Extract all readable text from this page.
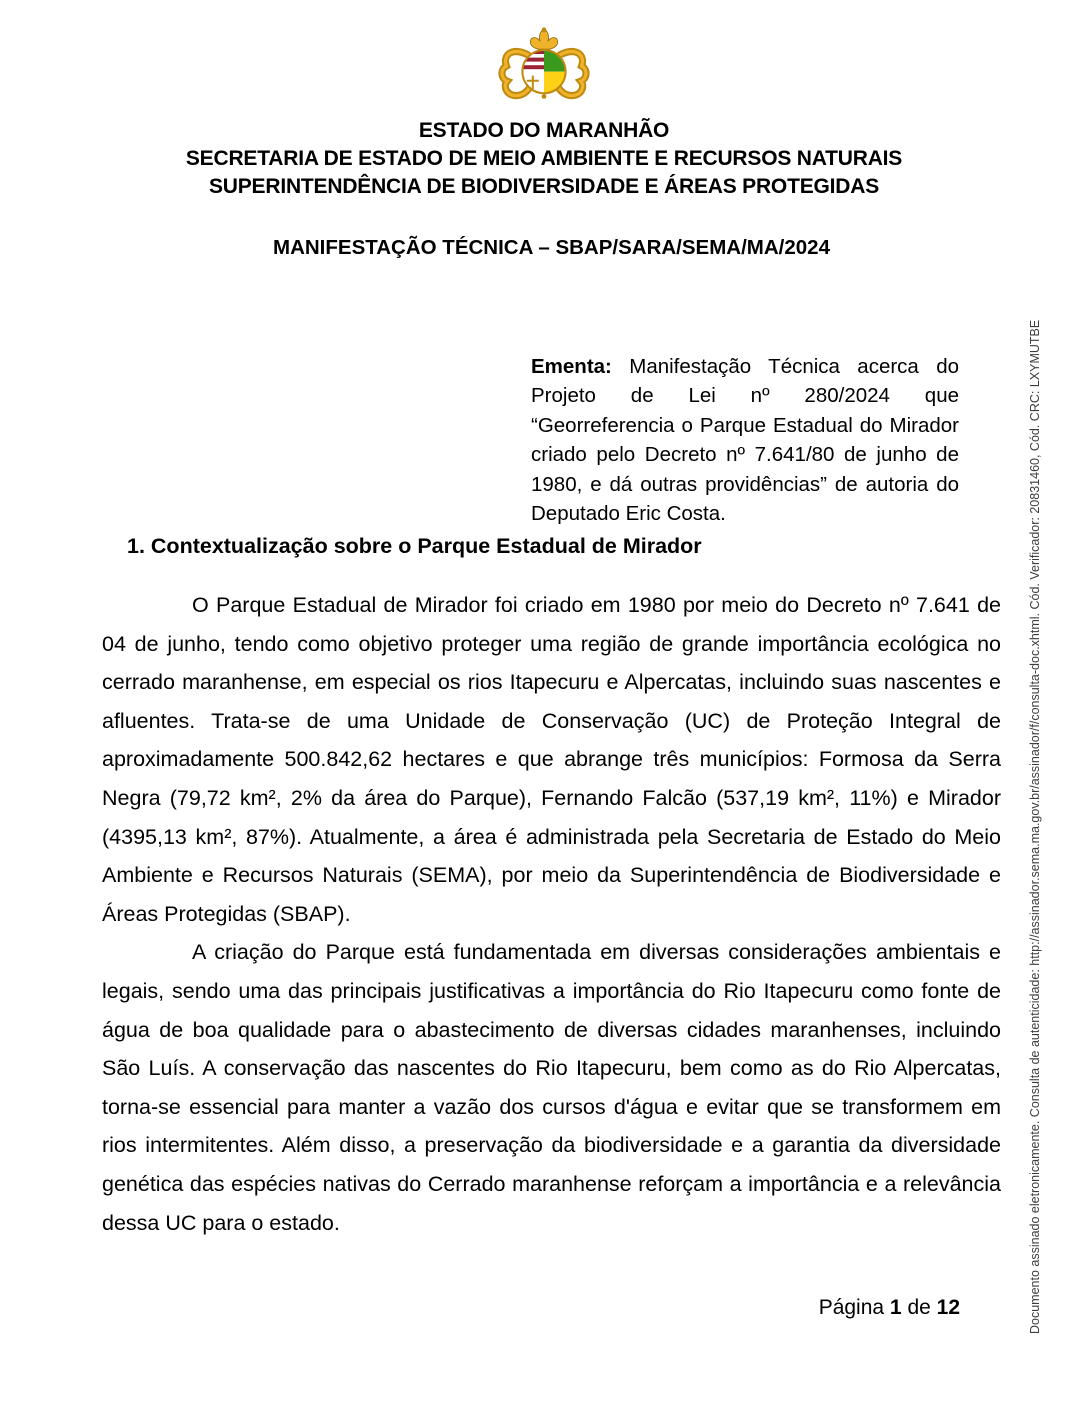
ESTADO DO MARANHÃO
SECRETARIA DE ESTADO DE MEIO AMBIENTE E RECURSOS NATURAIS
SUPERINTENDÊNCIA DE BIODIVERSIDADE E ÁREAS PROTEGIDAS
MANIFESTAÇÃO TÉCNICA – SBAP/SARA/SEMA/MA/2024

Ementa: Manifestação Técnica acerca do Projeto de Lei nº 280/2024 que “Georreferencia o Parque Estadual do Mirador criado pelo Decreto nº 7.641/80 de junho de 1980, e dá outras providências” de autoria do Deputado Eric Costa.

1. Contextualização sobre o Parque Estadual de Mirador

O Parque Estadual de Mirador foi criado em 1980 por meio do Decreto nº 7.641 de 04 de junho, tendo como objetivo proteger uma região de grande importância ecológica no cerrado maranhense, em especial os rios Itapecuru e Alpercatas, incluindo suas nascentes e afluentes. Trata-se de uma Unidade de Conservação (UC) de Proteção Integral de aproximadamente 500.842,62 hectares e que abrange três municípios: Formosa da Serra Negra (79,72 km², 2% da área do Parque), Fernando Falcão (537,19 km², 11%) e Mirador (4395,13 km², 87%). Atualmente, a área é administrada pela Secretaria de Estado do Meio Ambiente e Recursos Naturais (SEMA), por meio da Superintendência de Biodiversidade e Áreas Protegidas (SBAP).

A criação do Parque está fundamentada em diversas considerações ambientais e legais, sendo uma das principais justificativas a importância do Rio Itapecuru como fonte de água de boa qualidade para o abastecimento de diversas cidades maranhenses, incluindo São Luís. A conservação das nascentes do Rio Itapecuru, bem como as do Rio Alpercatas, torna-se essencial para manter a vazão dos cursos d'água e evitar que se transformem em rios intermitentes. Além disso, a preservação da biodiversidade e a garantia da diversidade genética das espécies nativas do Cerrado maranhense reforçam a importância e a relevância dessa UC para o estado.

Página 1 de 12	Documento assinado eletronicamente. Consulta de autenticidade: http://assinador.sema.ma.gov.br/assinador/f/consulta-doc.xhtml. Cód. Verificador: 20831460, Cód. CRC: LXYMUTBE
